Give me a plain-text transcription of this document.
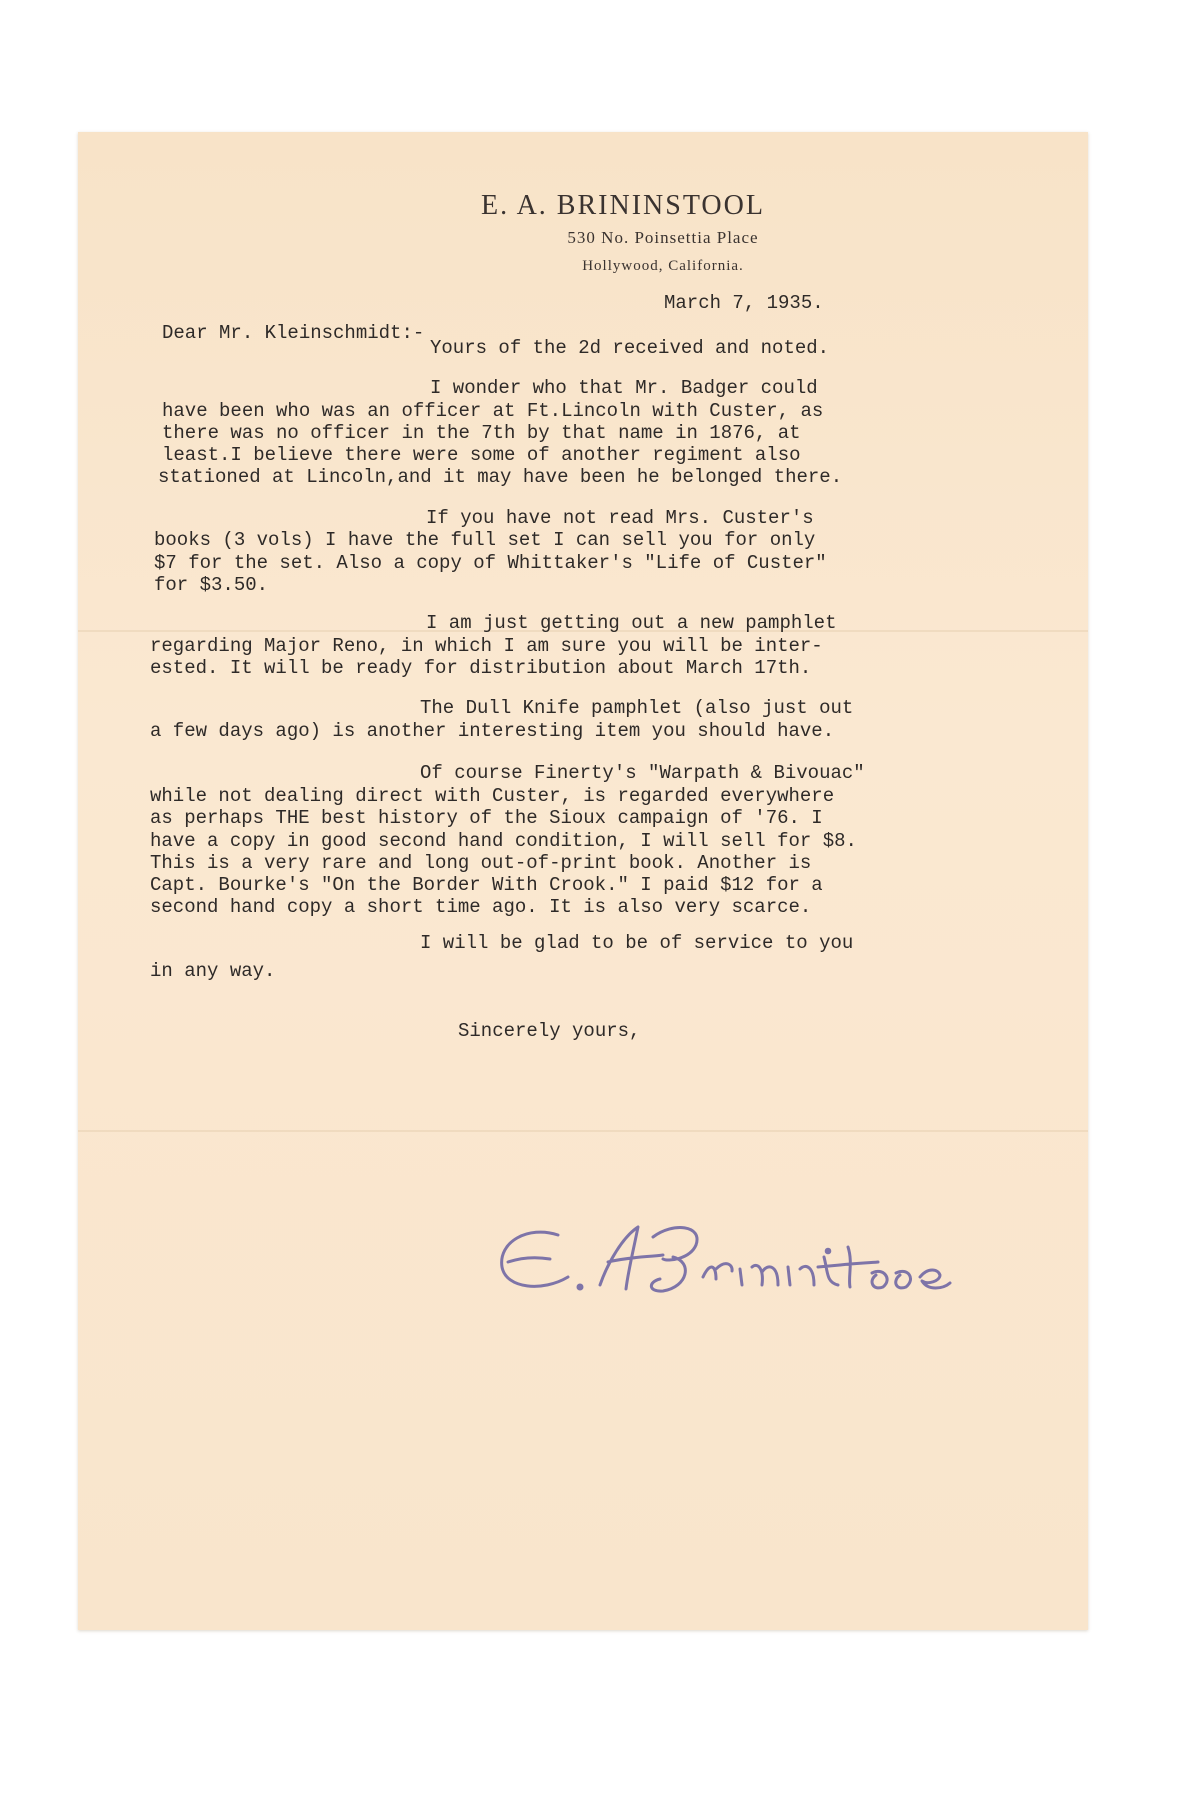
E. A. BRININSTOOL
530 No. Poinsettia Place
Hollywood, California.
March 7, 1935.
Dear Mr. Kleinschmidt:-
Yours of the 2d received and noted.
I wonder who that Mr. Badger could
have been who was an officer at Ft.Lincoln with Custer, as
there was no officer in the 7th by that name in 1876, at
least.I believe there were some of another regiment also
stationed at Lincoln,and it may have been he belonged there.
If you have not read Mrs. Custer's
books (3 vols) I have the full set I can sell you for only
$7 for the set. Also a copy of Whittaker's "Life of Custer"
for $3.50.
I am just getting out a new pamphlet
regarding Major Reno, in which I am sure you will be inter-
ested. It will be ready for distribution about March 17th.
The Dull Knife pamphlet (also just out
a few days ago) is another interesting item you should have.
Of course Finerty's "Warpath & Bivouac"
while not dealing direct with Custer, is regarded everywhere
as perhaps THE best history of the Sioux campaign of '76. I
have a copy in good second hand condition, I will sell for $8.
This is a very rare and long out-of-print book. Another is
Capt. Bourke's "On the Border With Crook." I paid $12 for a
second hand copy a short time ago. It is also very scarce.
I will be glad to be of service to you
in any way.
Sincerely yours,
